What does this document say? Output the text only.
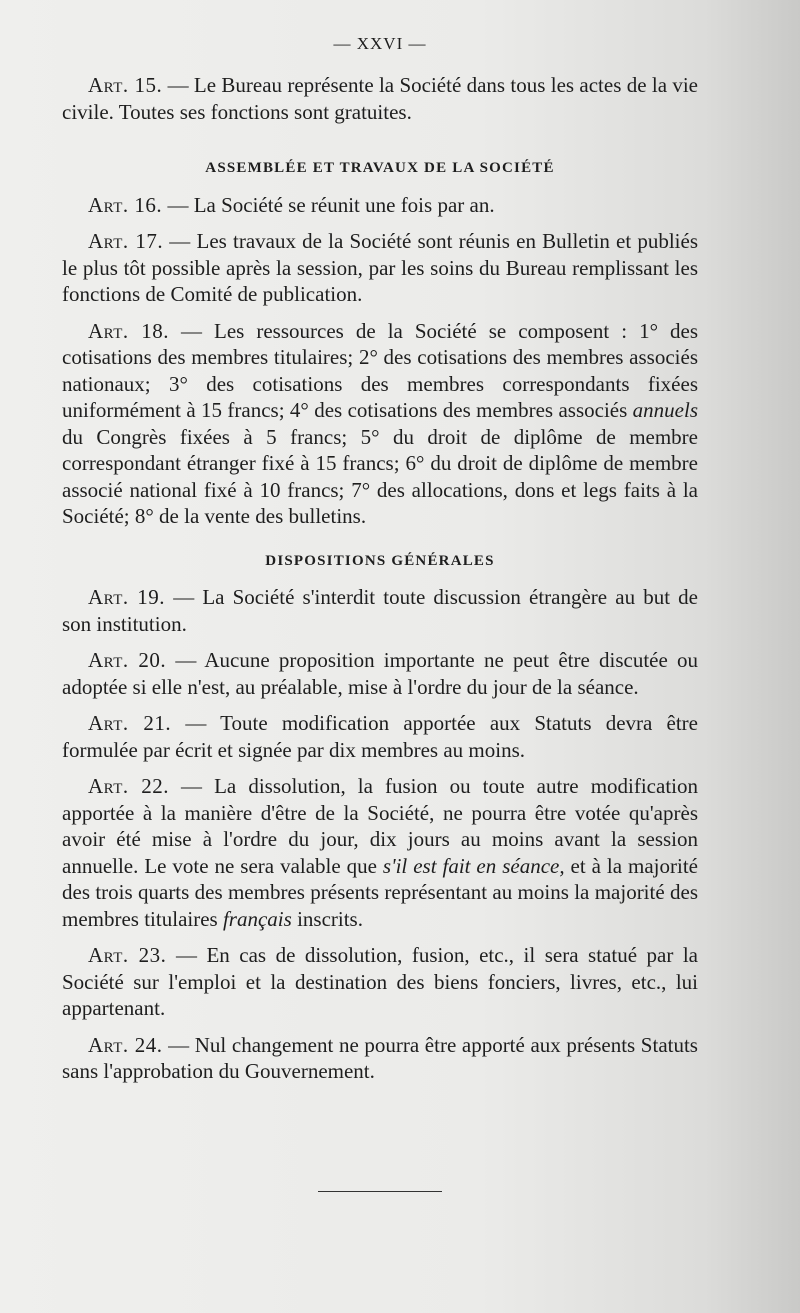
— XXVI —

Art. 15. — Le Bureau représente la Société dans tous les actes de la vie civile. Toutes ses fonctions sont gratuites.

ASSEMBLÉE ET TRAVAUX DE LA SOCIÉTÉ

Art. 16. — La Société se réunit une fois par an.

Art. 17. — Les travaux de la Société sont réunis en Bulletin et publiés le plus tôt possible après la session, par les soins du Bureau remplissant les fonctions de Comité de publication.

Art. 18. — Les ressources de la Société se composent : 1° des cotisations des membres titulaires; 2° des cotisations des membres associés nationaux; 3° des cotisations des membres correspondants fixées uniformément à 15 francs; 4° des cotisations des membres associés annuels du Congrès fixées à 5 francs; 5° du droit de diplôme de membre correspondant étranger fixé à 15 francs; 6° du droit de diplôme de membre associé national fixé à 10 francs; 7° des allocations, dons et legs faits à la Société; 8° de la vente des bulletins.

DISPOSITIONS GÉNÉRALES

Art. 19. — La Société s'interdit toute discussion étrangère au but de son institution.

Art. 20. — Aucune proposition importante ne peut être discutée ou adoptée si elle n'est, au préalable, mise à l'ordre du jour de la séance.

Art. 21. — Toute modification apportée aux Statuts devra être formulée par écrit et signée par dix membres au moins.

Art. 22. — La dissolution, la fusion ou toute autre modification apportée à la manière d'être de la Société, ne pourra être votée qu'après avoir été mise à l'ordre du jour, dix jours au moins avant la session annuelle. Le vote ne sera valable que s'il est fait en séance, et à la majorité des trois quarts des membres présents représentant au moins la majorité des membres titulaires français inscrits.

Art. 23. — En cas de dissolution, fusion, etc., il sera statué par la Société sur l'emploi et la destination des biens fonciers, livres, etc., lui appartenant.

Art. 24. — Nul changement ne pourra être apporté aux présents Statuts sans l'approbation du Gouvernement.
